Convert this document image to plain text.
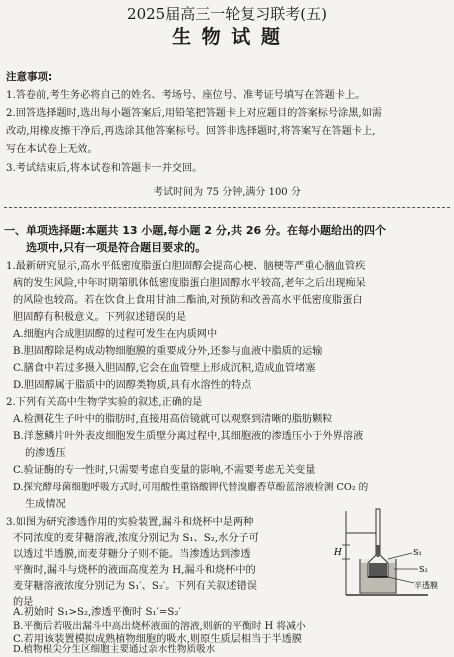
2025届高三一轮复习联考(五)
生 物 试 题
注意事项:
1.答卷前,考生务必将自己的姓名、考场号、座位号、准考证号填写在答题卡上。
2.回答选择题时,选出每小题答案后,用铅笔把答题卡上对应题目的答案标号涂黑,如需
改动,用橡皮擦干净后,再选涂其他答案标号。回答非选择题时,将答案写在答题卡上,
写在本试卷上无效。
3.考试结束后,将本试卷和答题卡一并交回。
考试时间为 75 分钟,满分 100 分
一、单项选择题:本题共 13 小题,每小题 2 分,共 26 分。在每小题给出的四个
选项中,只有一项是符合题目要求的。
1.最新研究显示,高水平低密度脂蛋白胆固醇会提高心梗、脑梗等严重心脑血管疾
病的发生风险,中年时期第肌体低密度脂蛋白胆固醇水平较高,老年之后出现痴呆
的风险也较高。若在饮食上食用甘油二酯油,对预防和改善高水平低密度脂蛋白
胆固醇有积极意义。下列叙述错误的是
A.细胞内合成胆固醇的过程可发生在内质网中
B.胆固醇除是构成动物细胞膜的重要成分外,还参与血液中脂质的运输
C.膳食中若过多摄入胆固醇,它会在血管壁上形成沉积,造成血管堵塞
D.胆固醇属于脂质中的固醇类物质,具有水溶性的特点
2.下列有关高中生物学实验的叙述,正确的是
A.检测花生子叶中的脂肪时,直接用高倍镜就可以观察到清晰的脂肪颗粒
B.洋葱鳞片叶外表皮细胞发生质壁分离过程中,其细胞液的渗透压小于外界溶液
的渗透压
C.验证酶的专一性时,只需要考虑自变量的影响,不需要考虑无关变量
D.探究酵母菌细胞呼吸方式时,可用酸性重铬酸钾代替溴麝香草酚蓝溶液检测 CO₂ 的
生成情况
3.如图为研究渗透作用的实验装置,漏斗和烧杯中是两种
不同浓度的麦芽糖溶液,浓度分别记为 S₁、S₂,水分子可
以透过半透膜,而麦芽糖分子则不能。当渗透达到渗透
平衡时,漏斗与烧杯的液面高度差为 H,漏斗和烧杯中的
麦芽糖溶液浓度分别记为 S₁′、S₂′。下列有关叙述错误
的是
A.初始时 S₁>S₂,渗透平衡时 S₁′=S₂′
B.平衡后若吸出漏斗中高出烧杯液面的溶液,则新的平衡时 H 将减小
C.若用该装置模拟成熟植物细胞的吸水,则原生质层相当于半透膜
D.植物根尖分生区细胞主要通过亲水性物质吸水
H	S₁
S₂
半透膜
